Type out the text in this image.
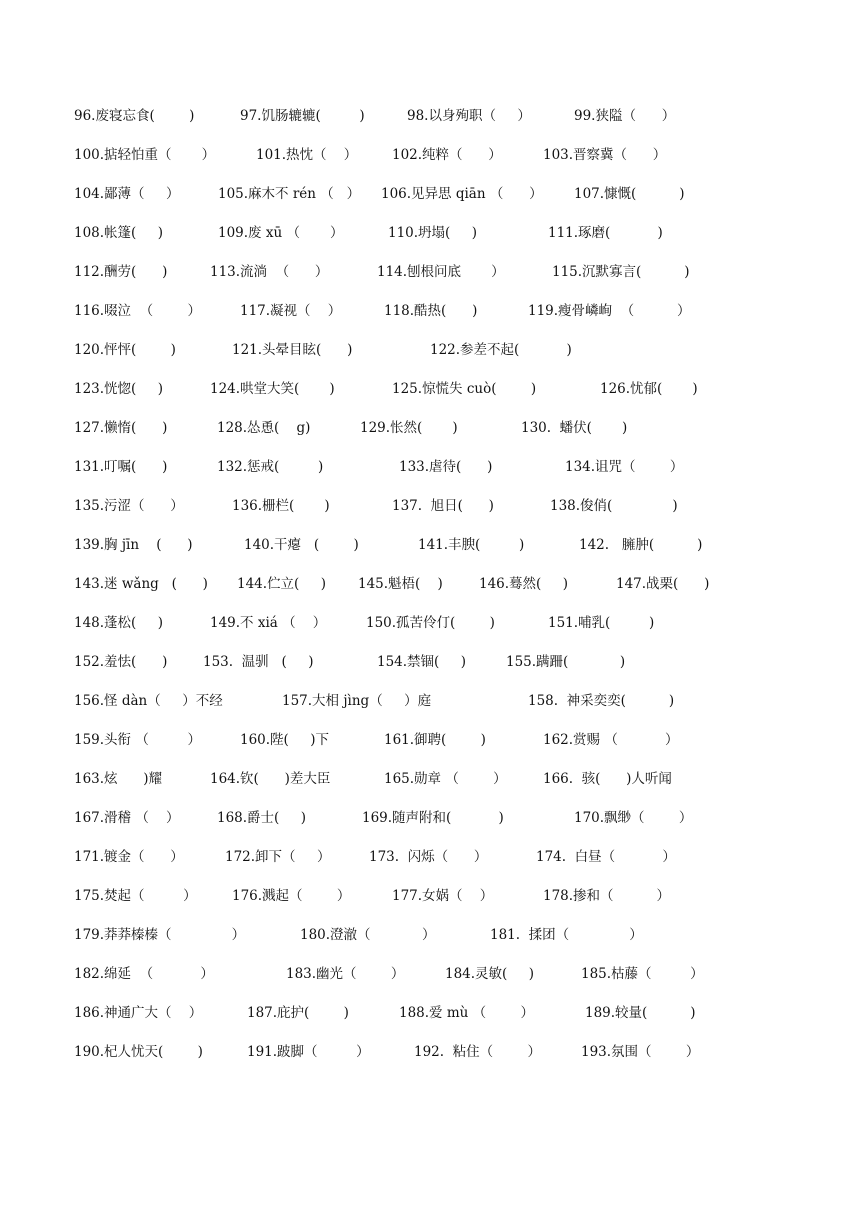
96.废寝忘食(        )	97.饥肠辘辘(         )	98.以身殉职（     ）	99.狭隘（      ）
100.掂轻怕重（       ）	101.热忱（    ）	102.纯粹（      ）	103.晋察冀（      ）
104.鄙薄（     ）	105.麻木不 rén （   ） 106.见异思 qiān （      ） 107.慷慨(          )
108.帐篷(     )	109.废 xū （       ）	110.坍塌(     )	111.琢磨(           )
112.酬劳(      )	113.流淌  （      ）	114.刨根问底       ）	115.沉默寡言(          )
116.啜泣  （        ）	117.凝视（    ）	118.酷热(      )	119.瘦骨嶙峋  （          ）
120.怦怦(        )	121.头晕目眩(      )	122.参差不起(           )
123.恍惚(     )	124.哄堂大笑(       )	125.惊慌失 cuò(        )	126.忧郁(       )
127.懒惰(      )	128.怂恿(    g)	129.怅然(       )	130.  蟠伏(       )
131.叮嘱(      )	132.惩戒(         )	133.虐待(      )	134.诅咒（        ）
135.污涩（      ）	136.栅栏(       )	137.  旭日(      )	138.俊俏(              )
139.胸 jīn    (      )	140.干瘪   (        )	141.丰腴(         )	142.   臃肿(          )
143.迷 wǎng   (      ) 144.伫立(     ) 145.魁梧(    )	146.蓦然(     )	147.战栗(      )
148.蓬松(     )	149.不 xiá （    ）	150.孤苦伶仃(        )	151.哺乳(         )
152.羞怯(      )	153.  温驯   (     )	154.禁锢(     )	155.蹒跚(            )
156.怪 dàn（     ）不经	157.大相 jìng（     ）庭	158.  神采奕奕(          )
159.头衔 （         ）	160.陛(     )下	161.御聘(        )	162.赏赐 （           ）
163.炫      )耀	164.钦(      )差大臣	165.勋章 （        ）	166.  骇(      )人听闻
167.滑稽 （    ）	168.爵士(     )	169.随声附和(           )	170.飘缈（        ）
171.镀金（      ）	172.卸下（     ）	173.  闪烁（      ）	174.  白昼（           ）
175.焚起（         ）	176.溅起（        ）	177.女娲（    ）	178.掺和（          ）
179.莽莽榛榛（              ）	180.澄澈（            ）	181.  揉团（              ）
182.绵延  （           ）	183.幽光（        ）	184.灵敏(     )	185.枯藤（         ）
186.神通广大（    ）	187.庇护(        )	188.爱 mù （        ）	189.较量(          )
190.杞人忧天(        )	191.跛脚（         ）	192.  粘住（        ）	193.氛围（        ）
